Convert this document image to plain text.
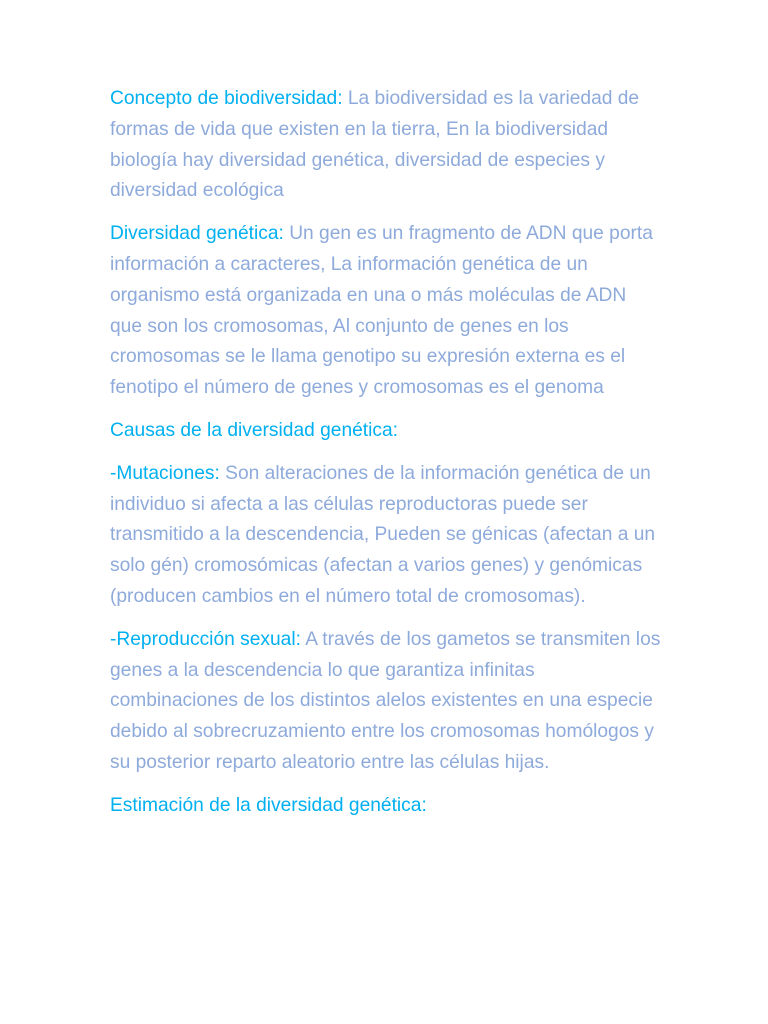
Concepto de biodiversidad: La biodiversidad es la variedad de formas de vida que existen en la tierra, En la biodiversidad biología hay diversidad genética, diversidad de especies y diversidad ecológica

Diversidad genética: Un gen es un fragmento de ADN que porta información a caracteres, La información genética de un organismo está organizada en una o más moléculas de ADN que son los cromosomas, Al conjunto de genes en los cromosomas se le llama genotipo su expresión externa es el fenotipo el número de genes y cromosomas es el genoma

Causas de la diversidad genética:

-Mutaciones: Son alteraciones de la información genética de un individuo si afecta a las células reproductoras puede ser transmitido a la descendencia, Pueden se génicas (afectan a un solo gén) cromosómicas (afectan a varios genes) y genómicas (producen cambios en el número total de cromosomas).

-Reproducción sexual: A través de los gametos se transmiten los genes a la descendencia lo que garantiza infinitas combinaciones de los distintos alelos existentes en una especie debido al sobrecruzamiento entre los cromosomas homólogos y su posterior reparto aleatorio entre las células hijas.

Estimación de la diversidad genética:
